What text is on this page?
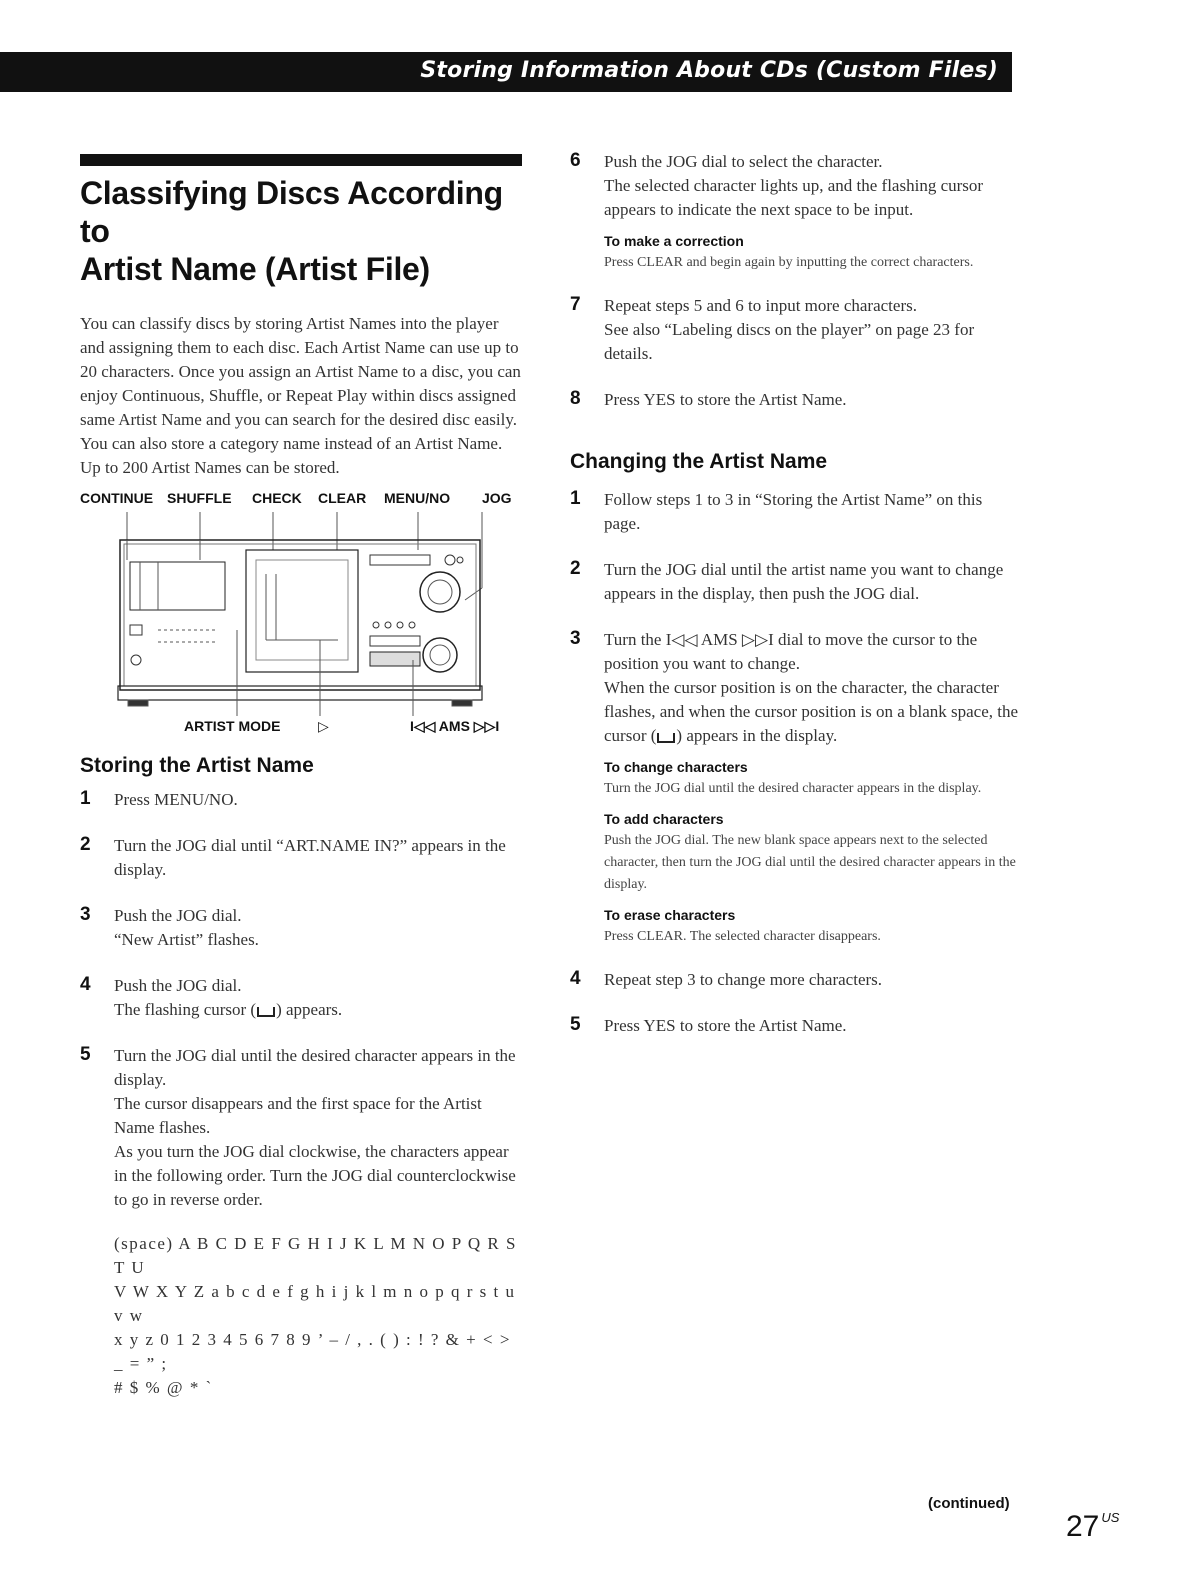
Storing Information About CDs (Custom Files)
Classifying Discs According to
Artist Name (Artist File)

You can classify discs by storing Artist Names into the player and assigning them to each disc. Each Artist Name can use up to 20 characters. Once you assign an Artist Name to a disc, you can enjoy Continuous, Shuffle, or Repeat Play within discs assigned same Artist Name and you can search for the desired disc easily. You can also store a category name instead of an Artist Name. Up to 200 Artist Names can be stored.

CONTINUE SHUFFLE CHECK CLEAR MENU/NO JOG
ARTIST MODE	▷	I◁◁ AMS ▷▷I
Storing the Artist Name
1 Press MENU/NO.

2 Turn the JOG dial until “ART.NAME IN?” appears in the display.

3 Push the JOG dial.

“New Artist” flashes.

4 Push the JOG dial.

The flashing cursor ( ) appears.

5 Turn the JOG dial until the desired character appears in the display.

The cursor disappears and the first space for the Artist Name flashes.

As you turn the JOG dial clockwise, the characters appear in the following order. Turn the JOG dial counterclockwise to go in reverse order.

(space) A B C D E F G H I J K L M N O P Q R S T U
V W X Y Z a b c d e f g h i j k l m n o p q r s t u v w
x y z 0 1 2 3 4 5 6 7 8 9 ’ – / , . ( ) : ! ? & + < > _ = ” ;
# $ % @ * `
6 Push the JOG dial to select the character.

The selected character lights up, and the flashing cursor appears to indicate the next space to be input.

To make a correction

Press CLEAR and begin again by inputting the correct characters.

7 Repeat steps 5 and 6 to input more characters.

See also “Labeling discs on the player” on page 23 for details.

8 Press YES to store the Artist Name.

Changing the Artist Name
1 Follow steps 1 to 3 in “Storing the Artist Name” on this page.

2 Turn the JOG dial until the artist name you want to change appears in the display, then push the JOG dial.

3 Turn the I◁◁ AMS ▷▷I dial to move the cursor to the position you want to change.

When the cursor position is on the character, the character flashes, and when the cursor position is on a blank space, the cursor ( ) appears in the display.

To change characters

Turn the JOG dial until the desired character appears in the display.

To add characters

Push the JOG dial. The new blank space appears next to the selected character, then turn the JOG dial until the desired character appears in the display.

To erase characters

Press CLEAR. The selected character disappears.

4 Repeat step 3 to change more characters.

5 Press YES to store the Artist Name.

(continued)
27 $^{US}$
